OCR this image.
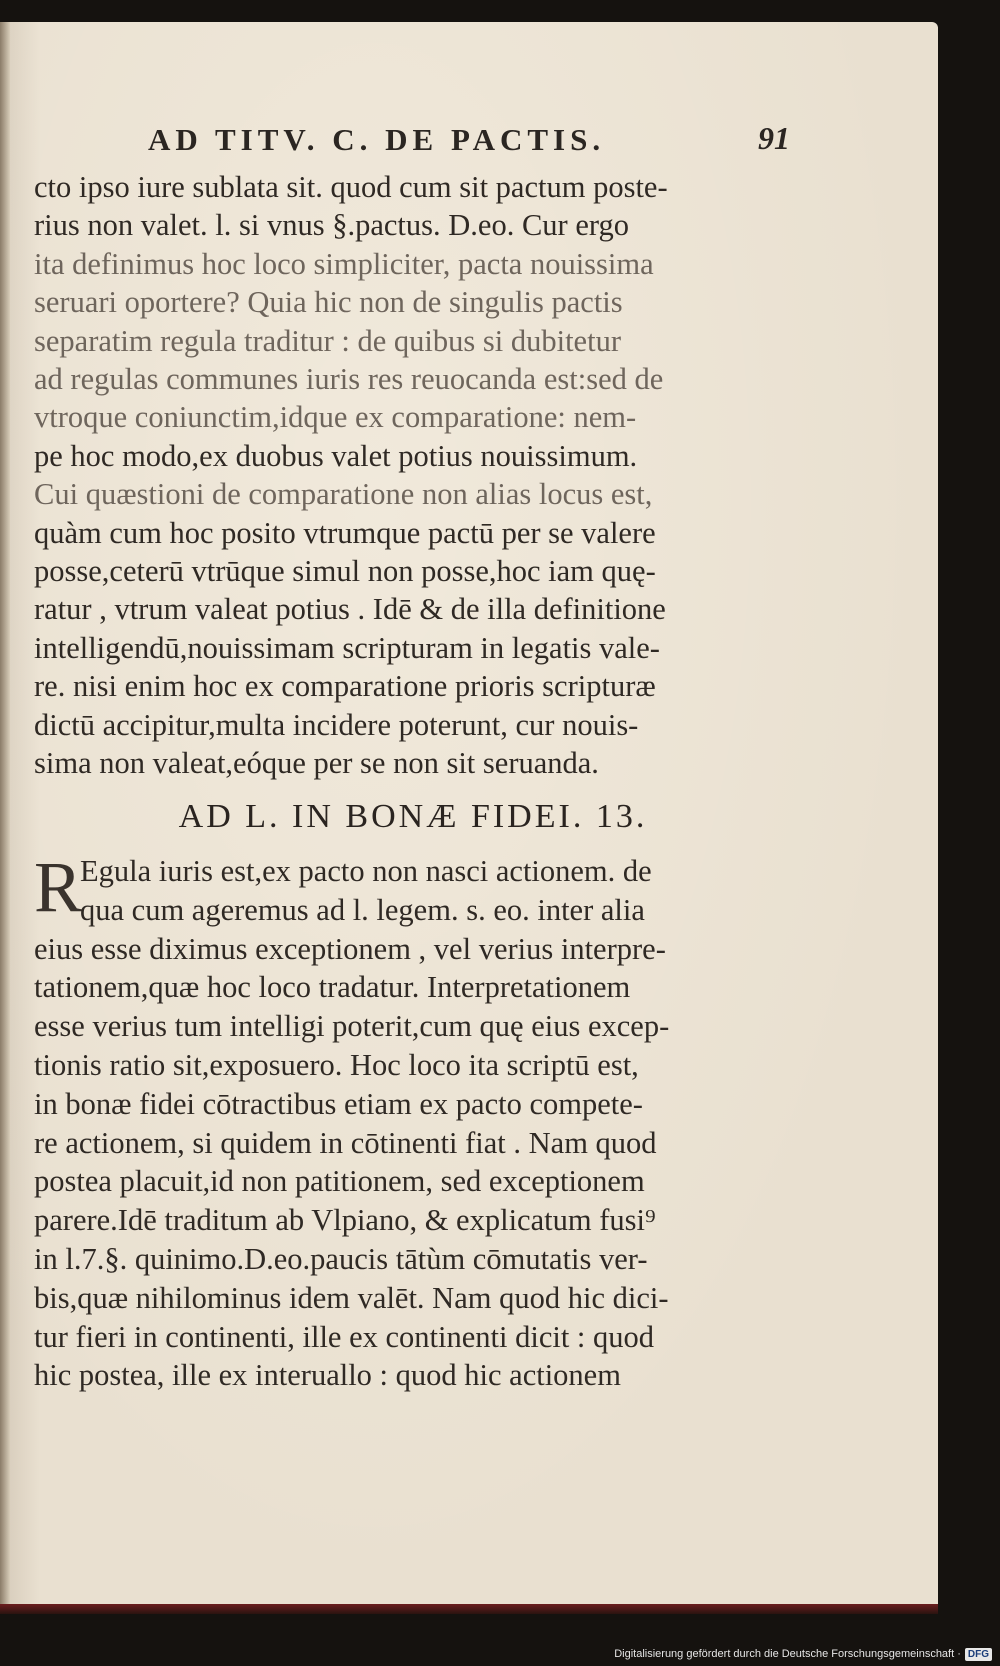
AD TITV. C. DE PACTIS.	91
cto ipso iure sublata sit. quod cum sit pactum poste-
rius non valet. l. si vnus §.pactus. D.eo. Cur ergo
ita definimus hoc loco simpliciter, pacta nouissima
seruari oportere? Quia hic non de singulis pactis
separatim regula traditur : de quibus si dubitetur
ad regulas communes iuris res reuocanda est:sed de
vtroque coniunctim,idque ex comparatione: nem-
pe hoc modo,ex duobus valet potius nouissimum.
Cui quæstioni de comparatione non alias locus est,
quàm cum hoc posito vtrumque pactū per se valere
posse,ceterū vtrūque simul non posse,hoc iam quę-
ratur , vtrum valeat potius . Idē & de illa definitione
intelligendū,nouissimam scripturam in legatis vale-
re. nisi enim hoc ex comparatione prioris scripturæ
dictū accipitur,multa incidere poterunt, cur nouis-
sima non valeat,eóque per se non sit seruanda.
AD L. IN BONÆ FIDEI. 13.
R
Egula iuris est,ex pacto non nasci actionem. de
qua cum ageremus ad l. legem. s. eo. inter alia
eius esse diximus exceptionem , vel verius interpre-
tationem,quæ hoc loco tradatur. Interpretationem
esse verius tum intelligi poterit,cum quę eius excep-
tionis ratio sit,exposuero. Hoc loco ita scriptū est,
in bonæ fidei cōtractibus etiam ex pacto compete-
re actionem, si quidem in cōtinenti fiat . Nam quod
postea placuit,id non patitionem, sed exceptionem
parere.Idē traditum ab Vlpiano, & explicatum fusi⁹
in l.7.§. quinimo.D.eo.paucis tātùm cōmutatis ver-
bis,quæ nihilominus idem valēt. Nam quod hic dici-
tur fieri in continenti, ille ex continenti dicit : quod
hic postea, ille ex interuallo : quod hic actionem
Digitalisierung gefördert durch die Deutsche Forschungsgemeinschaft · DFG
